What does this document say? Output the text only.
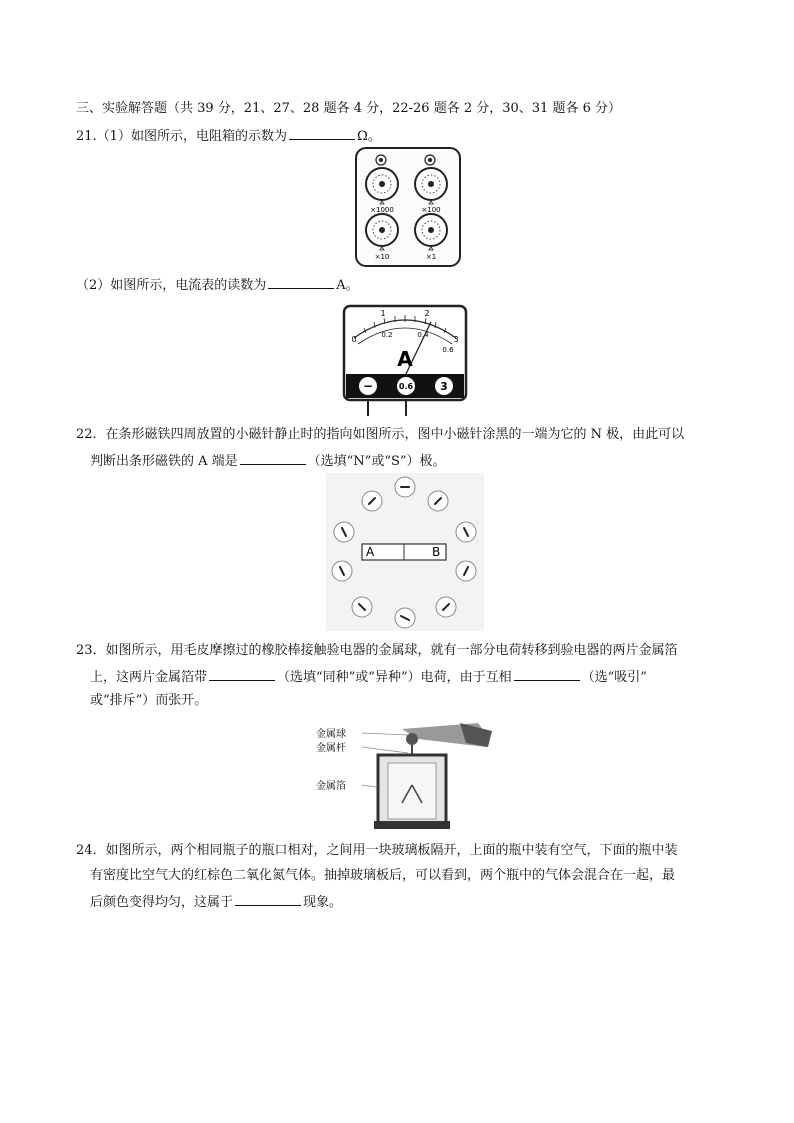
三、实验解答题（共 39 分，21、27、28 题各 4 分，22-26 题各 2 分，30、31 题各 6 分）
21.（1）如图所示，电阻箱的示数为	Ω。
×1000	×100
×10	×1
（2）如图所示，电流表的读数为	A。
0
1	2
3
0.2	0.4
0.6
A
−	0.6 3
22．在条形磁铁四周放置的小磁针静止时的指向如图所示，图中小磁针涂黑的一端为它的 N 极，由此可以
判断出条形磁铁的 A 端是	（选填“N”或“S”）极。
A	B
23．如图所示，用毛皮摩擦过的橡胶棒接触验电器的金属球，就有一部分电荷转移到验电器的两片金属箔
上，这两片金属箔带	（选填“同种”或“异种”）电荷，由于互相	（选“吸引”
或“排斥”）而张开。
金属球
金属杆
金属箔
24．如图所示，两个相同瓶子的瓶口相对，之间用一块玻璃板隔开，上面的瓶中装有空气，下面的瓶中装
有密度比空气大的红棕色二氧化氮气体。抽掉玻璃板后，可以看到，两个瓶中的气体会混合在一起，最
后颜色变得均匀，这属于	现象。
